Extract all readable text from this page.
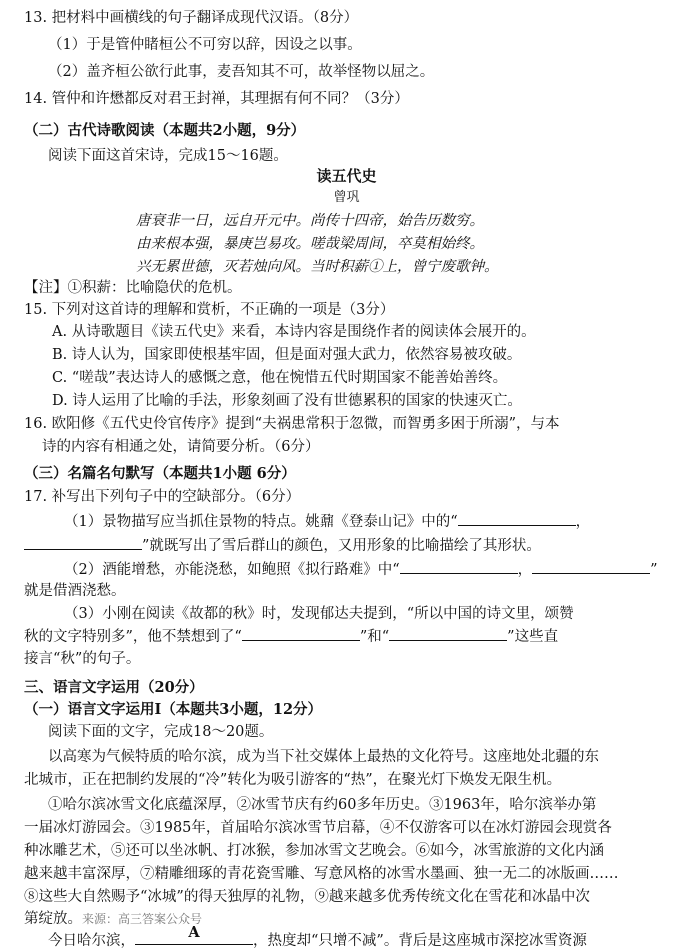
13. 把材料中画横线的句子翻译成现代汉语。（8分）
（1）于是管仲睹桓公不可穷以辞，因设之以事。
（2）盖齐桓公欲行此事，麦吾知其不可，故举怪物以屈之。
14. 管仲和许懋都反对君王封禅，其理据有何不同？（3分）
（二）古代诗歌阅读（本题共2小题，9分）
阅读下面这首宋诗，完成15～16题。
读五代史
曾巩
唐衰非一日，远自开元中。尚传十四帝，始告历数穷。
由来根本强，暴庚岂易攻。嗟哉梁周间，卒莫相始终。
兴无累世德，灭若烛向风。当时积薪①上，曾宁废歌钟。
【注】①积薪：比喻隐伏的危机。
15. 下列对这首诗的理解和赏析，不正确的一项是（3分）
A. 从诗歌题目《读五代史》来看，本诗内容是围绕作者的阅读体会展开的。
B. 诗人认为，国家即使根基牢固，但是面对强大武力，依然容易被攻破。
C. “嗟哉”表达诗人的感慨之意，他在惋惜五代时期国家不能善始善终。
D. 诗人运用了比喻的手法，形象刻画了没有世德累积的国家的快速灭亡。
16. 欧阳修《五代史伶官传序》提到“夫祸患常积于忽微，而智勇多困于所溺”，与本
诗的内容有相通之处，请简要分析。（6分）
（三）名篇名句默写（本题共1小题 6分）
17. 补写出下列句子中的空缺部分。（6分）
（1）景物描写应当抓住景物的特点。姚鼐《登泰山记》中的“	，
”就既写出了雪后群山的颜色，又用形象的比喻描绘了其形状。
（2）酒能增愁，亦能浇愁，如鲍照《拟行路难》中“	，	”
就是借酒浇愁。
（3）小刚在阅读《故都的秋》时，发现郁达夫提到，“所以中国的诗文里，颂赞
秋的文字特别多”，他不禁想到了“	”和“	”这些直
接言“秋”的句子。
三、语言文字运用（20分）
（一）语言文字运用Ⅰ（本题共3小题，12分）
阅读下面的文字，完成18～20题。
以高寒为气候特质的哈尔滨，成为当下社交媒体上最热的文化符号。这座地处北疆的东
北城市，正在把制约发展的“冷”转化为吸引游客的“热”，在聚光灯下焕发无限生机。
①哈尔滨冰雪文化底蕴深厚，②冰雪节庆有约60多年历史。③1963年，哈尔滨举办第
一届冰灯游园会。③1985年，首届哈尔滨冰雪节启幕，④不仅游客可以在冰灯游园会现赏各
种冰雕艺术，⑤还可以坐冰帆、打冰猴，参加冰雪文艺晚会。⑥如今，冰雪旅游的文化内涵
越来越丰富深厚，⑦精雕细琢的青花瓷雪雕、写意风格的冰雪水墨画、独一无二的冰版画……
⑧这些大自然赐予“冰城”的得天独厚的礼物，⑨越来越多优秀传统文化在雪花和冰晶中次
第绽放。来源：高三答案公众号
今日哈尔滨，	A	，热度却“只增不减”。背后是这座城市深挖冰雪资源
